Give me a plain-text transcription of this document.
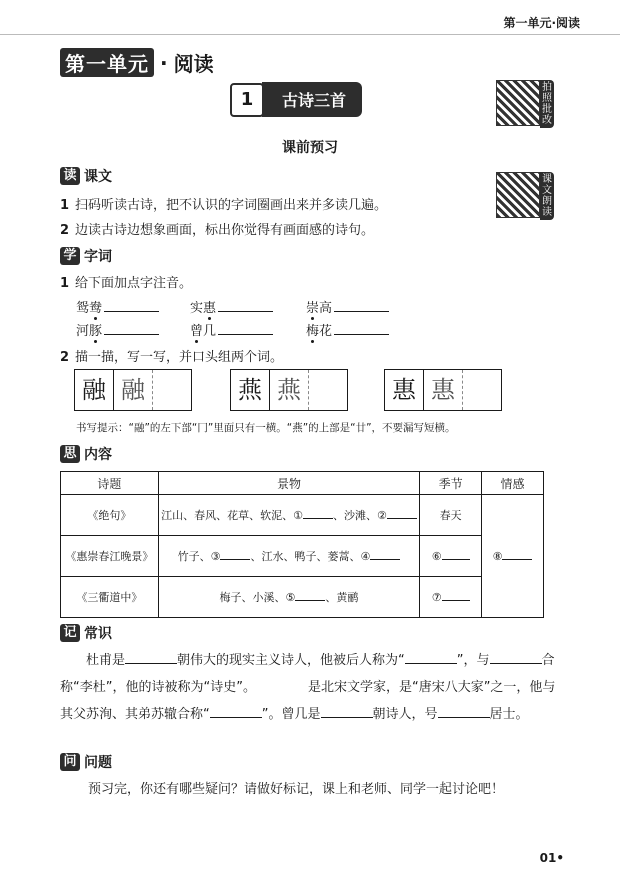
第一单元·阅读
第一单元 · 阅读
1	古诗三首
课前预习
拍照批改
课文朗读
读 课文
1 扫码听读古诗，把不认识的字词圈画出来并多读几遍。
2 边读古诗边想象画面，标出你觉得有画面感的诗句。
学 字词
1 给下面加点字注音。
鸳鸯	实惠	崇高
河豚	曾几	梅花
2 描一描，写一写，并口头组两个词。
融 融	燕 燕	惠 惠
书写提示：“融”的左下部“冂”里面只有一横。“燕”的上部是“廿”，不要漏写短横。
思 内容
诗题	景物	季节	情感
《绝句》	江山、春风、花草、软泥、① 、沙滩、②	春天	⑧
《惠崇春江晚景》	竹子、③ 、江水、鸭子、蒌蒿、④	⑥	
《三衢道中》	梅子、小溪、⑤ 、黄鹂	⑦	
记 常识
杜甫是	朝伟大的现实主义诗人，他被后人称为“	”，与	合称“李杜”，他的诗被称为“诗史”。	是北宋文学家，是“唐宋八大家”之一，他与其父苏洵、其弟苏辙合称“	”。曾几是	朝诗人，号	居士。
问 问题
预习完，你还有哪些疑问？请做好标记，课上和老师、同学一起讨论吧！
01•
